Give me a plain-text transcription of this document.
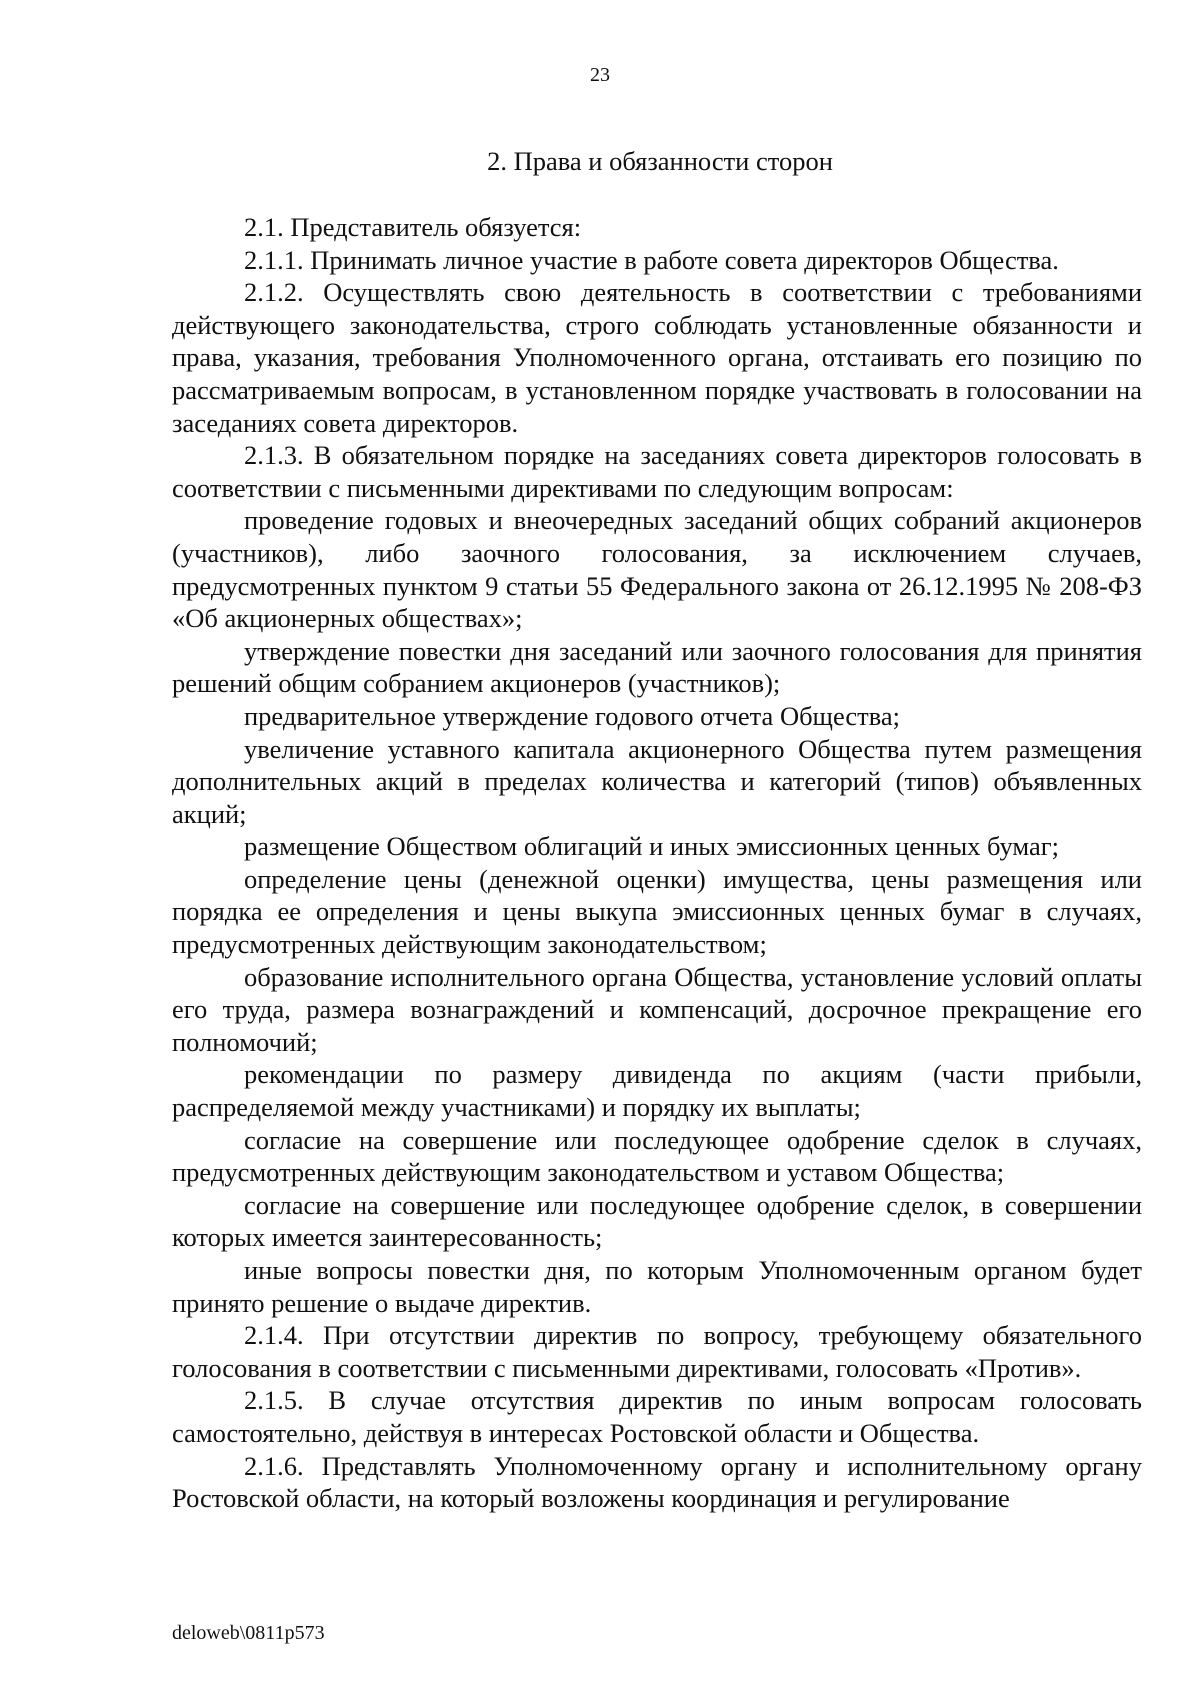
23
2. Права и обязанности сторон

2.1. Представитель обязуется:

2.1.1. Принимать личное участие в работе совета директоров Общества.

2.1.2. Осуществлять свою деятельность в соответствии с требованиями действующего законодательства, строго соблюдать установленные обязанности и права, указания, требования Уполномоченного органа, отстаивать его позицию по рассматриваемым вопросам, в установленном порядке участвовать в голосовании на заседаниях совета директоров.

2.1.3. В обязательном порядке на заседаниях совета директоров голосовать в соответствии с письменными директивами по следующим вопросам:

проведение годовых и внеочередных заседаний общих собраний акционеров (участников), либо заочного голосования, за исключением случаев, предусмотренных пунктом 9 статьи 55 Федерального закона от 26.12.1995 № 208-ФЗ «Об акционерных обществах»;

утверждение повестки дня заседаний или заочного голосования для принятия решений общим собранием акционеров (участников);

предварительное утверждение годового отчета Общества;

увеличение уставного капитала акционерного Общества путем размещения дополнительных акций в пределах количества и категорий (типов) объявленных акций;

размещение Обществом облигаций и иных эмиссионных ценных бумаг;

определение цены (денежной оценки) имущества, цены размещения или порядка ее определения и цены выкупа эмиссионных ценных бумаг в случаях, предусмотренных действующим законодательством;

образование исполнительного органа Общества, установление условий оплаты его труда, размера вознаграждений и компенсаций, досрочное прекращение его полномочий;

рекомендации по размеру дивиденда по акциям (части прибыли, распределяемой между участниками) и порядку их выплаты;

согласие на совершение или последующее одобрение сделок в случаях, предусмотренных действующим законодательством и уставом Общества;

согласие на совершение или последующее одобрение сделок, в совершении которых имеется заинтересованность;

иные вопросы повестки дня, по которым Уполномоченным органом будет принято решение о выдаче директив.

2.1.4. При отсутствии директив по вопросу, требующему обязательного голосования в соответствии с письменными директивами, голосовать «Против».

2.1.5. В случае отсутствия директив по иным вопросам голосовать самостоятельно, действуя в интересах Ростовской области и Общества.

2.1.6. Представлять Уполномоченному органу и исполнительному органу Ростовской области, на который возложены координация и регулирование

deloweb\0811p573
